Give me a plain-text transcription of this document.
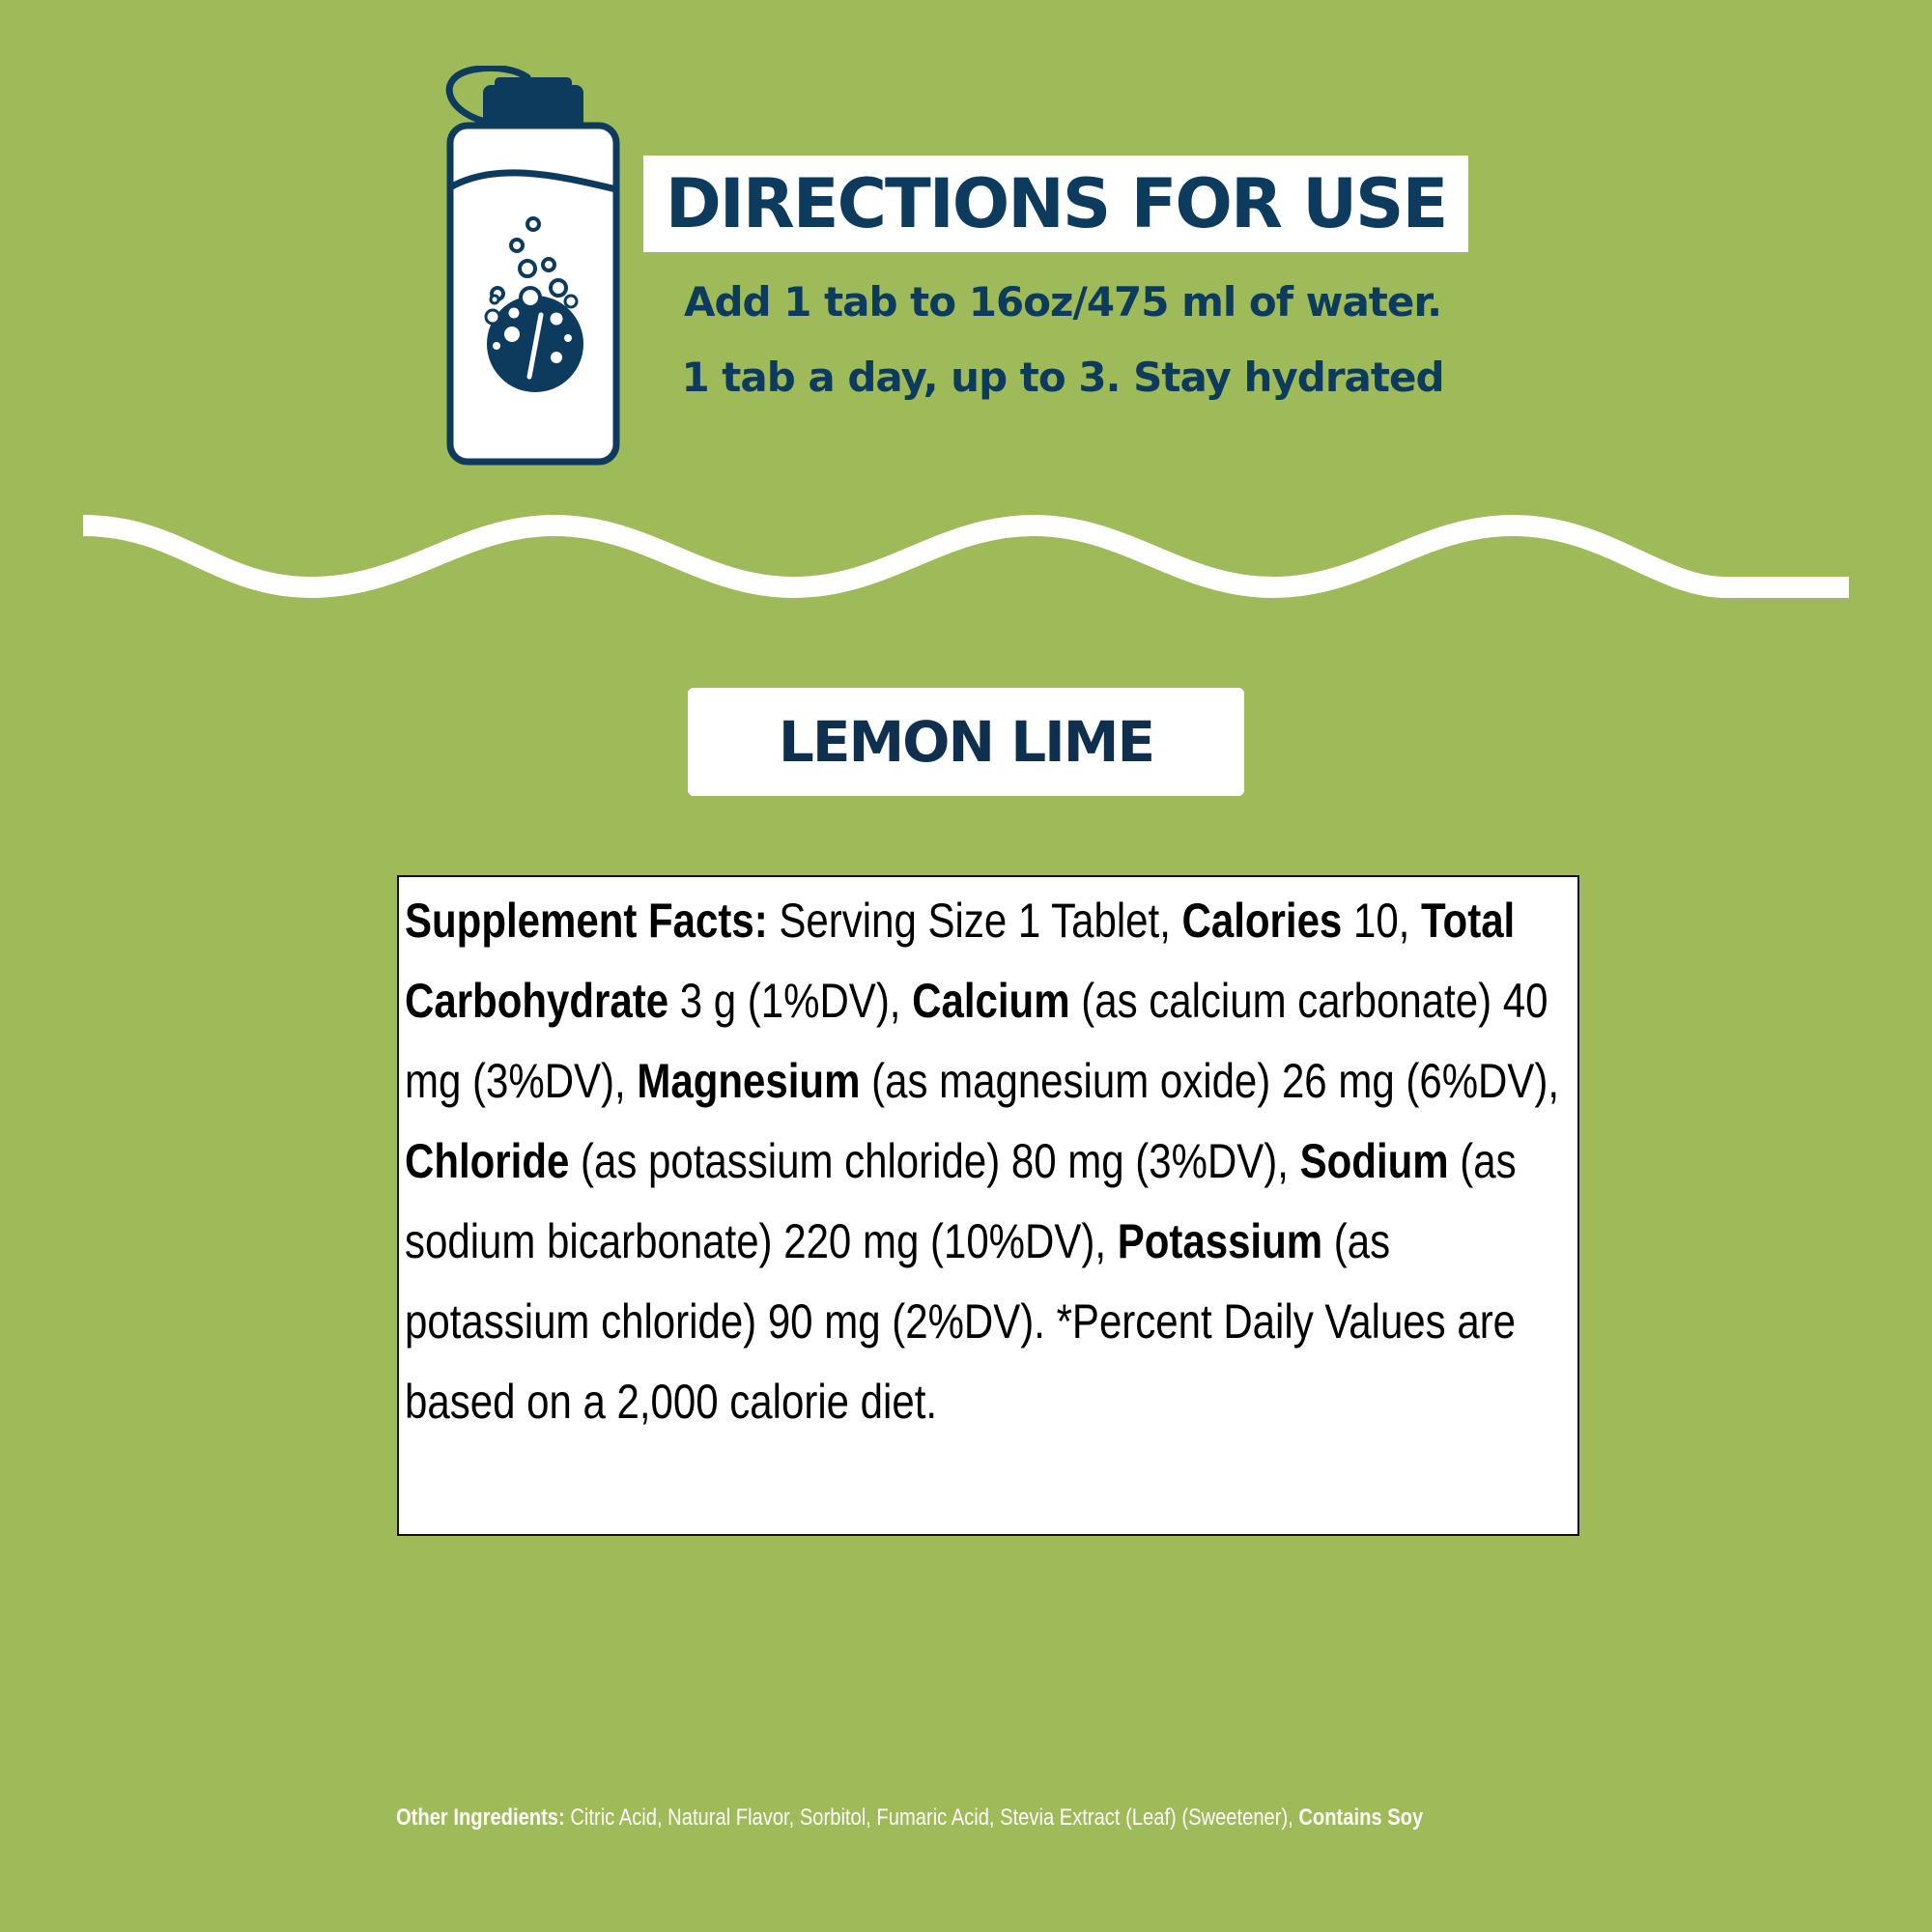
DIRECTIONS FOR USE
Add 1 tab to 16oz/475 ml of water.
1 tab a day, up to 3. Stay hydrated
LEMON LIME

Supplement Facts: Serving Size 1 Tablet, Calories 10, Total Carbohydrate 3 g (1%DV), Calcium (as calcium carbonate) 40 mg (3%DV), Magnesium (as magnesium oxide) 26 mg (6%DV), Chloride (as potassium chloride) 80 mg (3%DV), Sodium (as sodium bicarbonate) 220 mg (10%DV), Potassium (as potassium chloride) 90 mg (2%DV). *Percent Daily Values are based on a 2,000 calorie diet.

Other Ingredients: Citric Acid, Natural Flavor, Sorbitol, Fumaric Acid, Stevia Extract (Leaf) (Sweetener), Contains Soy
